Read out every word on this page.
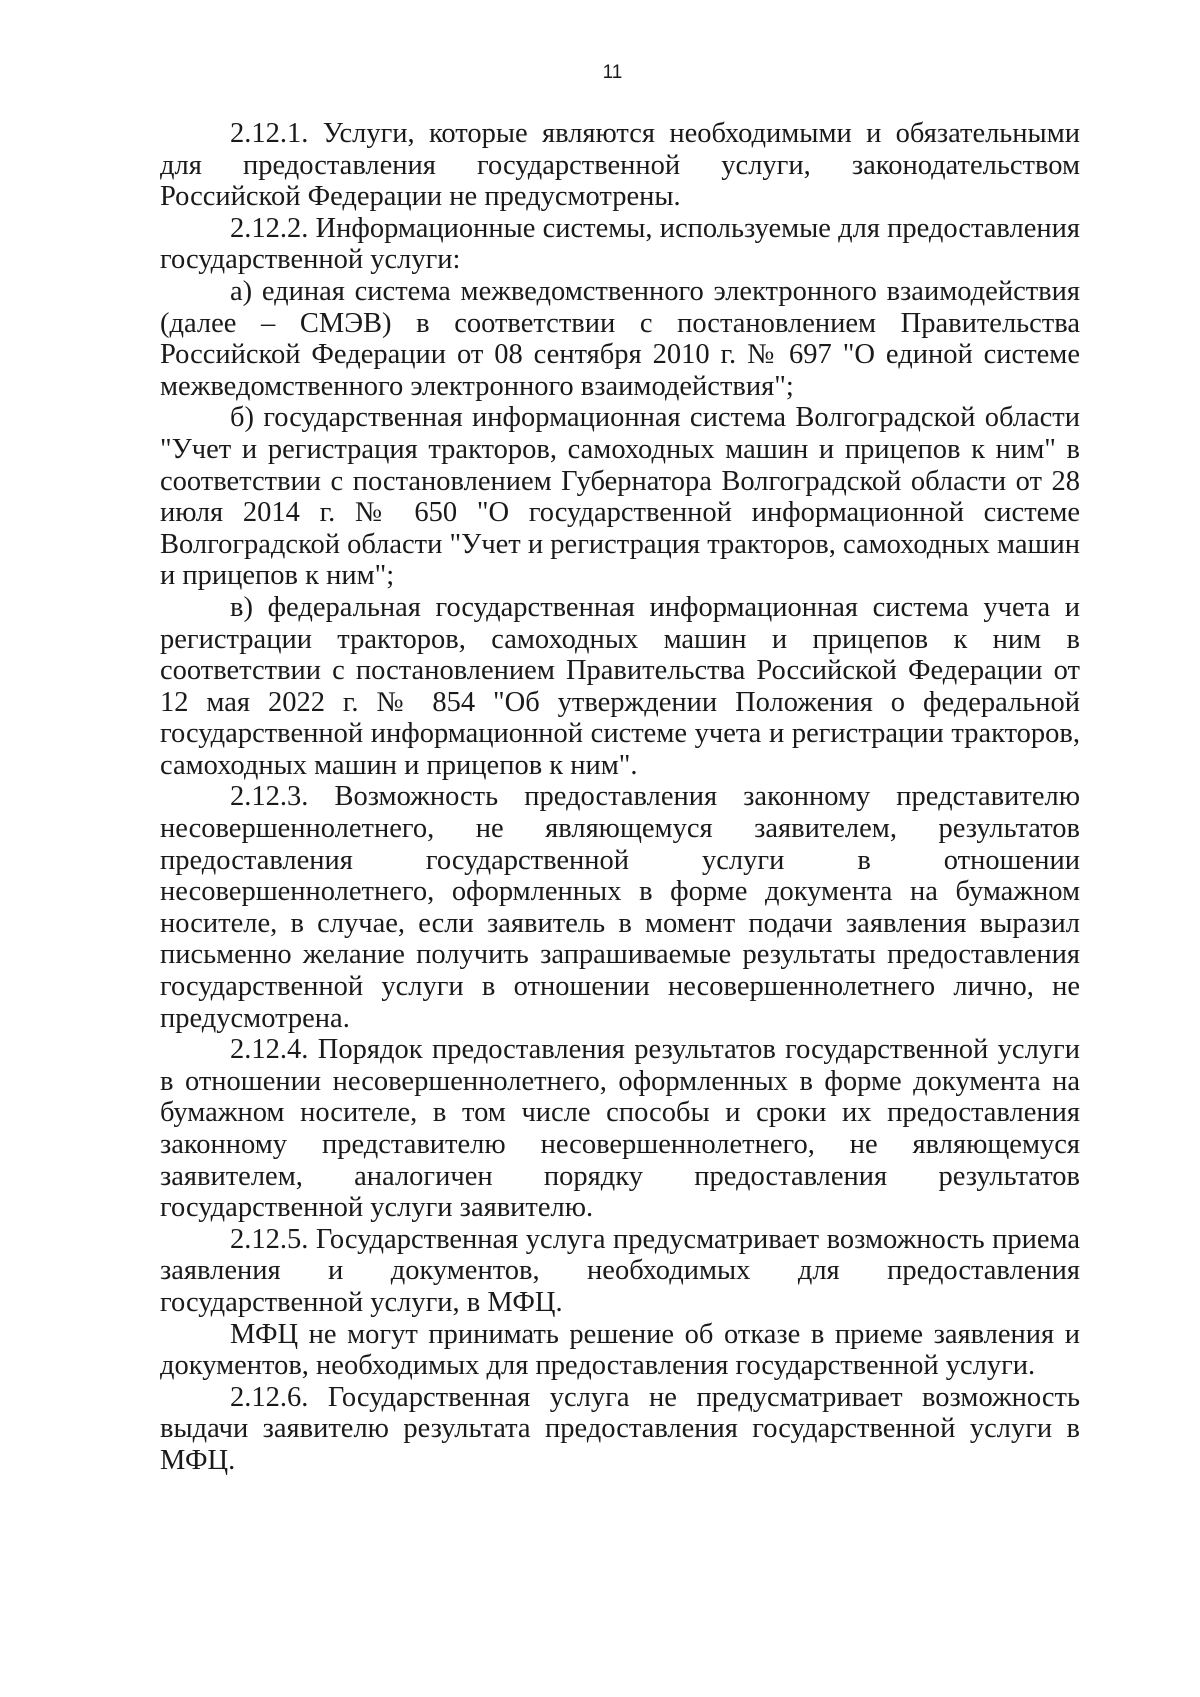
11

2.12.1. Услуги, которые являются необходимыми и обязательными для предоставления государственной услуги, законодательством Российской Федерации не предусмотрены.

2.12.2. Информационные системы, используемые для предоставления государственной услуги:

а) единая система межведомственного электронного взаимодействия (далее – СМЭВ) в соответствии с постановлением Правительства Российской Федерации от 08 сентября 2010 г. № 697 "О единой системе межведомственного электронного взаимодействия";

б) государственная информационная система Волгоградской области "Учет и регистрация тракторов, самоходных машин и прицепов к ним" в соответствии с постановлением Губернатора Волгоградской области от 28 июля 2014 г. № 650 "О государственной информационной системе Волгоградской области "Учет и регистрация тракторов, самоходных машин и прицепов к ним";

в) федеральная государственная информационная система учета и регистрации тракторов, самоходных машин и прицепов к ним в соответствии с постановлением Правительства Российской Федерации от 12 мая 2022 г. № 854 "Об утверждении Положения о федеральной государственной информационной системе учета и регистрации тракторов, самоходных машин и прицепов к ним".

2.12.3. Возможность предоставления законному представителю несовершеннолетнего, не являющемуся заявителем, результатов предоставления государственной услуги в отношении несовершеннолетнего, оформленных в форме документа на бумажном носителе, в случае, если заявитель в момент подачи заявления выразил письменно желание получить запрашиваемые результаты предоставления государственной услуги в отношении несовершеннолетнего лично, не предусмотрена.

2.12.4. Порядок предоставления результатов государственной услуги в отношении несовершеннолетнего, оформленных в форме документа на бумажном носителе, в том числе способы и сроки их предоставления законному представителю несовершеннолетнего, не являющемуся заявителем, аналогичен порядку предоставления результатов государственной услуги заявителю.

2.12.5. Государственная услуга предусматривает возможность приема заявления и документов, необходимых для предоставления государственной услуги, в МФЦ.

МФЦ не могут принимать решение об отказе в приеме заявления и документов, необходимых для предоставления государственной услуги.

2.12.6. Государственная услуга не предусматривает возможность выдачи заявителю результата предоставления государственной услуги в МФЦ.
